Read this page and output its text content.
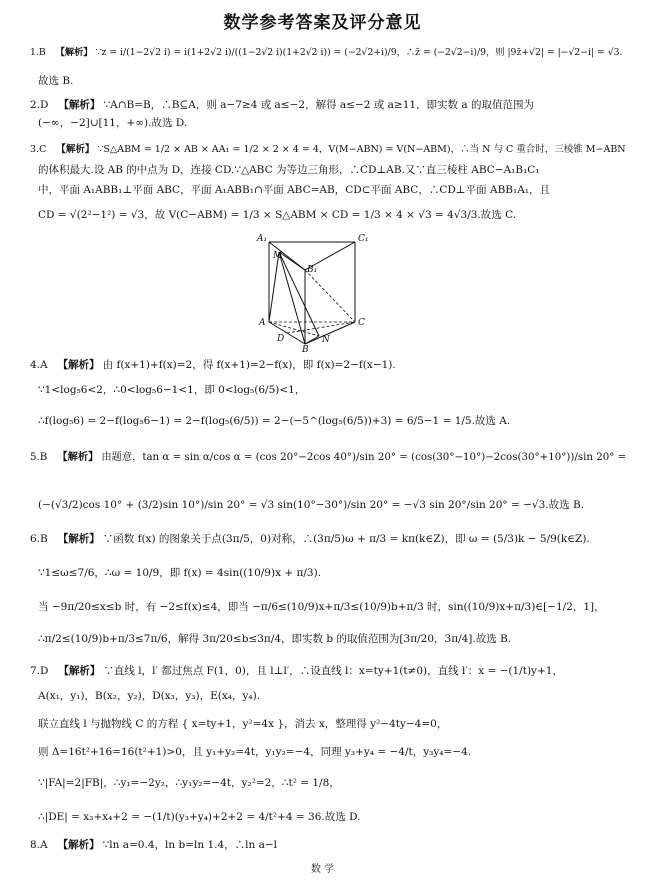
数学参考答案及评分意见
1.B 【解析】 ∵z = i/(1−2√2 i) = i(1+2√2 i)/((1−2√2 i)(1+2√2 i)) = (−2√2+i)/9，∴z̄ = (−2√2−i)/9，则 |9z̄+√2| = |−√2−i| = √3.
故选 B.
2.D 【解析】 ∵A∩B=B，∴B⊆A，则 a−7≥4 或 a≤−2，解得 a≤−2 或 a≥11，即实数 a 的取值范围为
(−∞，−2]∪[11，+∞).故选 D.
3.C 【解析】 ∵S△ABM = 1/2 × AB × AA₁ = 1/2 × 2 × 4 = 4，V(M−ABN) = V(N−ABM)，∴当 N 与 C 重合时，三棱锥 M−ABN
的体积最大.设 AB 的中点为 D，连接 CD.∵△ABC 为等边三角形，∴CD⊥AB.又∵直三棱柱 ABC−A₁B₁C₁
中，平面 A₁ABB₁⊥平面 ABC，平面 A₁ABB₁∩平面 ABC=AB，CD⊂平面 ABC，∴CD⊥平面 ABB₁A₁，且
CD = √(2²−1²) = √3，故 V(C−ABM) = 1/3 × S△ABM × CD = 1/3 × 4 × √3 = 4√3/3.故选 C.
A₁	C₁
M
B₁
A	C
D	N
B
4.A 【解析】 由 f(x+1)+f(x)=2，得 f(x+1)=2−f(x)，即 f(x)=2−f(x−1).
∵1<log₅6<2，∴0<log₅6−1<1，即 0<log₅(6/5)<1，
∴f(log₅6) = 2−f(log₅6−1) = 2−f(log₅(6/5)) = 2−(−5^(log₅(6/5))+3) = 6/5−1 = 1/5.故选 A.
5.B 【解析】 由题意，tan α = sin α/cos α = (cos 20°−2cos 40°)/sin 20° = (cos(30°−10°)−2cos(30°+10°))/sin 20° =
(−(√3/2)cos 10° + (3/2)sin 10°)/sin 20° = √3 sin(10°−30°)/sin 20° = −√3 sin 20°/sin 20° = −√3.故选 B.
6.B 【解析】 ∵函数 f(x) 的图象关于点(3π/5，0)对称，∴(3π/5)ω + π/3 = kπ(k∈Z)，即 ω = (5/3)k − 5/9(k∈Z).
∵1≤ω≤7/6，∴ω = 10/9，即 f(x) = 4sin((10/9)x + π/3).
当 −9π/20≤x≤b 时，有 −2≤f(x)≤4，即当 −π/6≤(10/9)x+π/3≤(10/9)b+π/3 时，sin((10/9)x+π/3)∈[−1/2，1]，
∴π/2≤(10/9)b+π/3≤7π/6，解得 3π/20≤b≤3π/4，即实数 b 的取值范围为[3π/20，3π/4].故选 B.
7.D 【解析】 ∵直线 l，l′ 都过焦点 F(1，0)，且 l⊥l′，∴设直线 l：x=ty+1(t≠0)，直线 l′：x = −(1/t)y+1，
A(x₁，y₁)，B(x₂，y₂)，D(x₃，y₃)，E(x₄，y₄).
联立直线 l 与抛物线 C 的方程 { x=ty+1，y²=4x }，消去 x，整理得 y²−4ty−4=0，
则 Δ=16t²+16=16(t²+1)>0，且 y₁+y₂=4t，y₁y₂=−4，同理 y₃+y₄ = −4/t，y₃y₄=−4.
∵|FA|=2|FB|，∴y₁=−2y₂，∴y₁y₂=−4t，y₂²=2，∴t² = 1/8，
∴|DE| = x₃+x₄+2 = −(1/t)(y₃+y₄)+2+2 = 4/t²+4 = 36.故选 D.
8.A 【解析】 ∵ln a=0.4，ln b=ln 1.4，∴ln a−l
数 学
